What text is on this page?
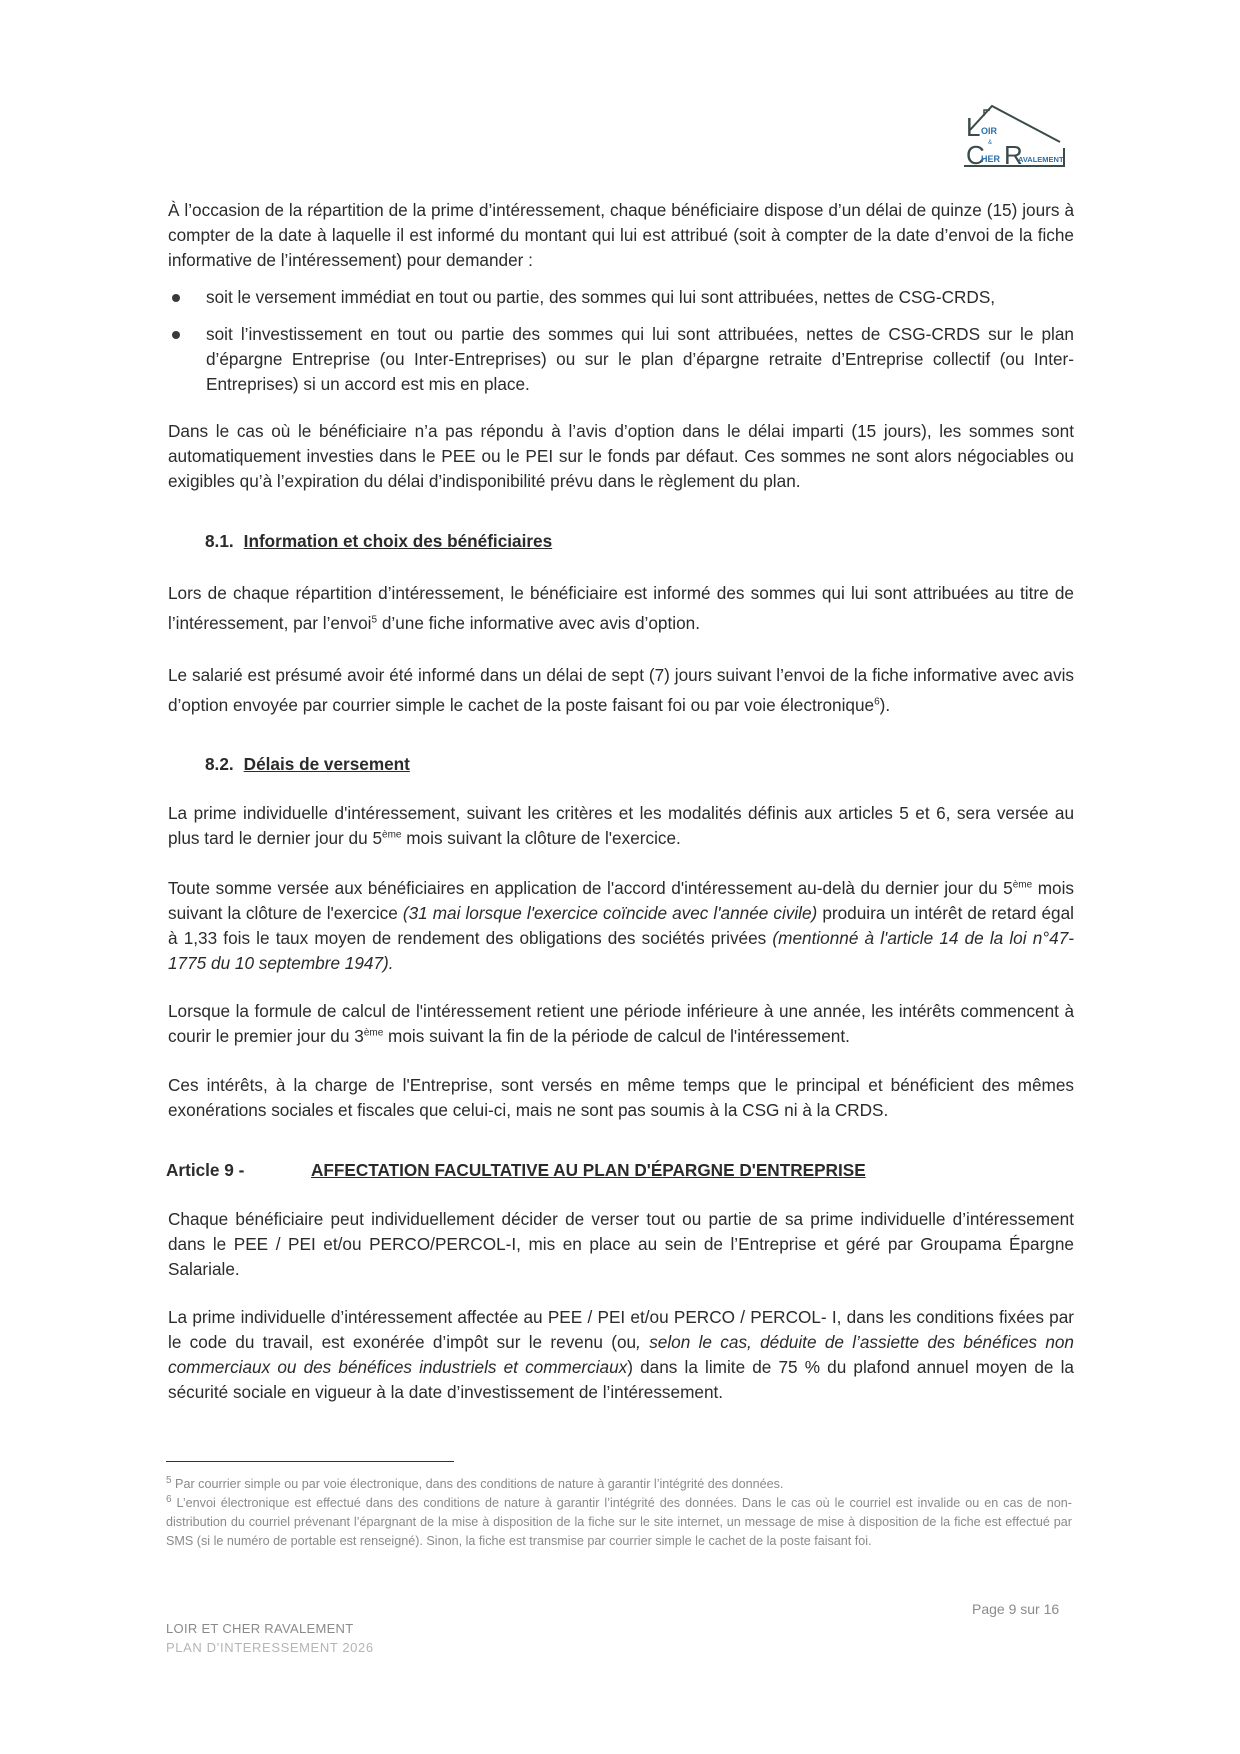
L OIR
&
C
HER R
AVALEMENT

À l’occasion de la répartition de la prime d’intéressement, chaque bénéficiaire dispose d’un délai de quinze (15) jours à compter de la date à laquelle il est informé du montant qui lui est attribué (soit à compter de la date d’envoi de la fiche informative de l’intéressement) pour demander :

soit le versement immédiat en tout ou partie, des sommes qui lui sont attribuées, nettes de CSG-CRDS,
soit l’investissement en tout ou partie des sommes qui lui sont attribuées, nettes de CSG-CRDS sur le plan d’épargne Entreprise (ou Inter-Entreprises) ou sur le plan d’épargne retraite d’Entreprise collectif (ou Inter-Entreprises) si un accord est mis en place.

Dans le cas où le bénéficiaire n’a pas répondu à l’avis d’option dans le délai imparti (15 jours), les sommes sont automatiquement investies dans le PEE ou le PEI sur le fonds par défaut. Ces sommes ne sont alors négociables ou exigibles qu’à l’expiration du délai d’indisponibilité prévu dans le règlement du plan.

8.1. Information et choix des bénéficiaires

Lors de chaque répartition d’intéressement, le bénéficiaire est informé des sommes qui lui sont attribuées au titre de l’intéressement, par l’envoi$^5$ d’une fiche informative avec avis d’option.

Le salarié est présumé avoir été informé dans un délai de sept (7) jours suivant l’envoi de la fiche informative avec avis d’option envoyée par courrier simple le cachet de la poste faisant foi ou par voie électronique$^6$).

8.2. Délais de versement

La prime individuelle d'intéressement, suivant les critères et les modalités définis aux articles 5 et 6, sera versée au plus tard le dernier jour du 5ème mois suivant la clôture de l'exercice.

Toute somme versée aux bénéficiaires en application de l'accord d'intéressement au-delà du dernier jour du 5ème mois suivant la clôture de l'exercice (31 mai lorsque l'exercice coïncide avec l'année civile) produira un intérêt de retard égal à 1,33 fois le taux moyen de rendement des obligations des sociétés privées (mentionné à l'article 14 de la loi n°47-1775 du 10 septembre 1947).

Lorsque la formule de calcul de l'intéressement retient une période inférieure à une année, les intérêts commencent à courir le premier jour du 3ème mois suivant la fin de la période de calcul de l'intéressement.

Ces intérêts, à la charge de l'Entreprise, sont versés en même temps que le principal et bénéficient des mêmes exonérations sociales et fiscales que celui-ci, mais ne sont pas soumis à la CSG ni à la CRDS.

Article 9 -	AFFECTATION FACULTATIVE AU PLAN D'ÉPARGNE D'ENTREPRISE

Chaque bénéficiaire peut individuellement décider de verser tout ou partie de sa prime individuelle d’intéressement dans le PEE / PEI et/ou PERCO/PERCOL-I, mis en place au sein de l’Entreprise et géré par Groupama Épargne Salariale.

La prime individuelle d’intéressement affectée au PEE / PEI et/ou PERCO / PERCOL- I, dans les conditions fixées par le code du travail, est exonérée d’impôt sur le revenu (ou, selon le cas, déduite de l’assiette des bénéfices non commerciaux ou des bénéfices industriels et commerciaux) dans la limite de 75 % du plafond annuel moyen de la sécurité sociale en vigueur à la date d’investissement de l’intéressement.

$^5$ Par courrier simple ou par voie électronique, dans des conditions de nature à garantir l’intégrité des données.

$^6$ L’envoi électronique est effectué dans des conditions de nature à garantir l’intégrité des données. Dans le cas où le courriel est invalide ou en cas de non-distribution du courriel prévenant l’épargnant de la mise à disposition de la fiche sur le site internet, un message de mise à disposition de la fiche est effectué par SMS (si le numéro de portable est renseigné). Sinon, la fiche est transmise par courrier simple le cachet de la poste faisant foi.

Page 9 sur 16
LOIR ET CHER RAVALEMENT
PLAN D’INTERESSEMENT 2026
